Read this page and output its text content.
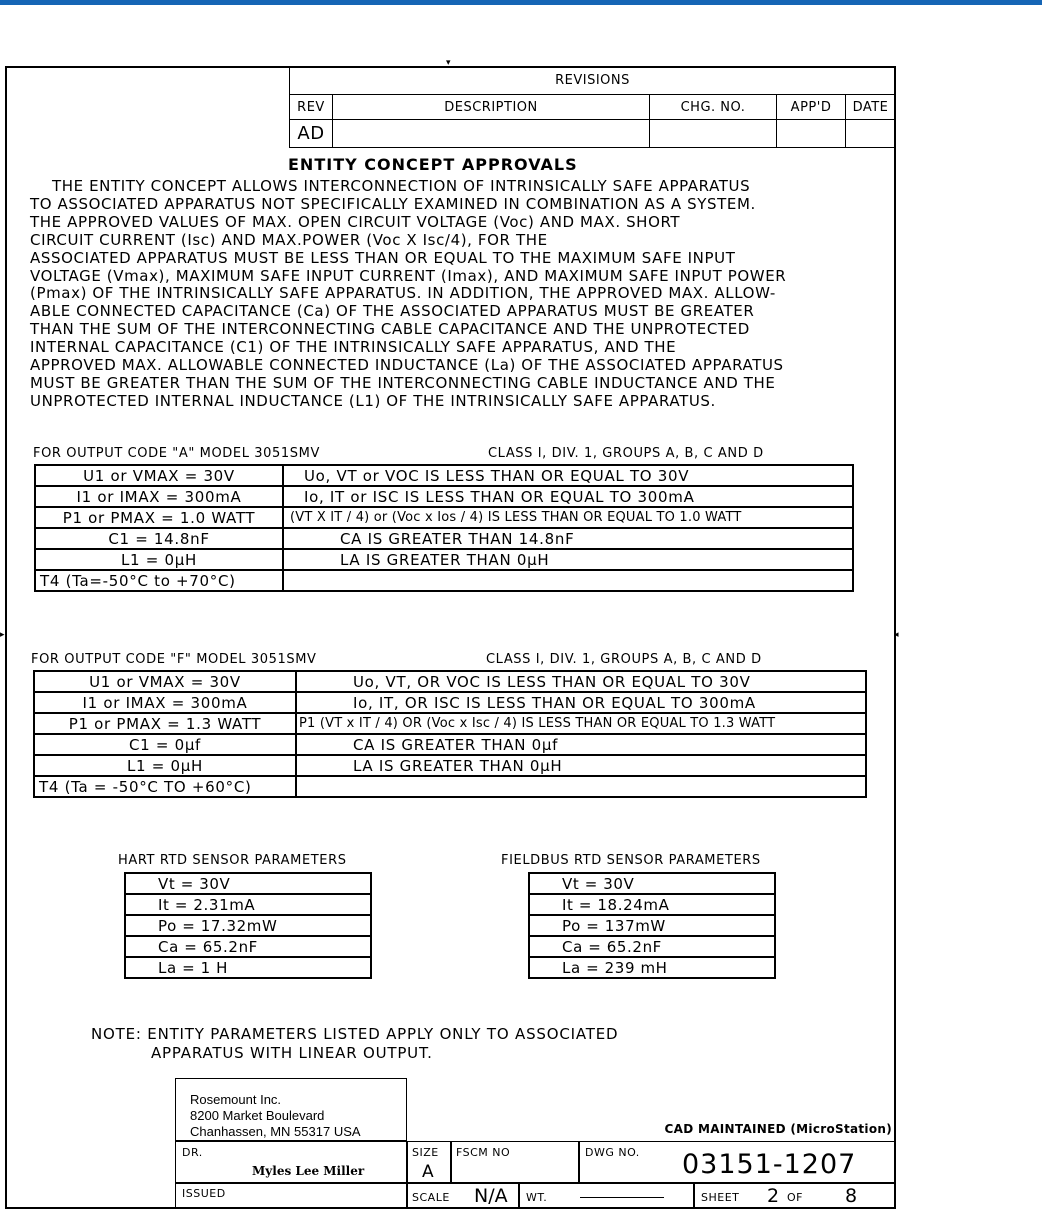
▾
▸	◂
REVISIONS				
REV	DESCRIPTION	CHG. NO.	APP'D	DATE
AD				
ENTITY CONCEPT APPROVALS
THE ENTITY CONCEPT ALLOWS INTERCONNECTION OF INTRINSICALLY SAFE APPARATUS
TO ASSOCIATED APPARATUS NOT SPECIFICALLY EXAMINED IN COMBINATION AS A SYSTEM.
THE APPROVED VALUES OF MAX. OPEN CIRCUIT VOLTAGE (Voc) AND MAX. SHORT
CIRCUIT CURRENT (Isc) AND MAX.POWER (Voc X Isc/4), FOR THE
ASSOCIATED APPARATUS MUST BE LESS THAN OR EQUAL TO THE MAXIMUM SAFE INPUT
VOLTAGE (Vmax), MAXIMUM SAFE INPUT CURRENT (Imax), AND MAXIMUM SAFE INPUT POWER
(Pmax) OF THE INTRINSICALLY SAFE APPARATUS. IN ADDITION, THE APPROVED MAX. ALLOW-
ABLE CONNECTED CAPACITANCE (Ca) OF THE ASSOCIATED APPARATUS MUST BE GREATER
THAN THE SUM OF THE INTERCONNECTING CABLE CAPACITANCE AND THE UNPROTECTED
INTERNAL CAPACITANCE (C1) OF THE INTRINSICALLY SAFE APPARATUS, AND THE
APPROVED MAX. ALLOWABLE CONNECTED INDUCTANCE (La) OF THE ASSOCIATED APPARATUS
MUST BE GREATER THAN THE SUM OF THE INTERCONNECTING CABLE INDUCTANCE AND THE
UNPROTECTED INTERNAL INDUCTANCE (L1) OF THE INTRINSICALLY SAFE APPARATUS.
FOR OUTPUT CODE "A" MODEL 3051SMV	CLASS I, DIV. 1, GROUPS A, B, C AND D
U1 or VMAX = 30V	Uo, VT or VOC IS LESS THAN OR EQUAL TO 30V
I1 or IMAX = 300mA	Io, IT or ISC IS LESS THAN OR EQUAL TO 300mA
P1 or PMAX = 1.0 WATT	(VT X IT / 4) or (Voc x Ios / 4) IS LESS THAN OR EQUAL TO 1.0 WATT
C1 = 14.8nF	CA IS GREATER THAN 14.8nF
L1 = 0μH	LA IS GREATER THAN 0μH
T4 (Ta=-50°C to +70°C)	
FOR OUTPUT CODE "F" MODEL 3051SMV	CLASS I, DIV. 1, GROUPS A, B, C AND D
U1 or VMAX = 30V	Uo, VT, OR VOC IS LESS THAN OR EQUAL TO 30V
I1 or IMAX = 300mA	Io, IT, OR ISC IS LESS THAN OR EQUAL TO 300mA
P1 or PMAX = 1.3 WATT	P1 (VT x IT / 4) OR (Voc x Isc / 4) IS LESS THAN OR EQUAL TO 1.3 WATT
C1 = 0μf	CA IS GREATER THAN 0μf
L1 = 0μH	LA IS GREATER THAN 0μH
T4 (Ta = -50°C TO +60°C)	
HART RTD SENSOR PARAMETERS
Vt = 30V
It = 2.31mA
Po = 17.32mW
Ca = 65.2nF
La = 1 H
FIELDBUS RTD SENSOR PARAMETERS
Vt = 30V
It = 18.24mA
Po = 137mW
Ca = 65.2nF
La = 239 mH
NOTE: ENTITY PARAMETERS LISTED APPLY ONLY TO ASSOCIATED
APPARATUS WITH LINEAR OUTPUT.
Rosemount Inc.
8200 Market Boulevard
Chanhassen, MN 55317 USA	CAD MAINTAINED (MicroStation)
DR.
Myles Lee Miller
SIZE
A
FSCM NO	DWG NO. 03151-1207
ISSUED	SCALE N/A WT.	SHEET 2 OF 8
